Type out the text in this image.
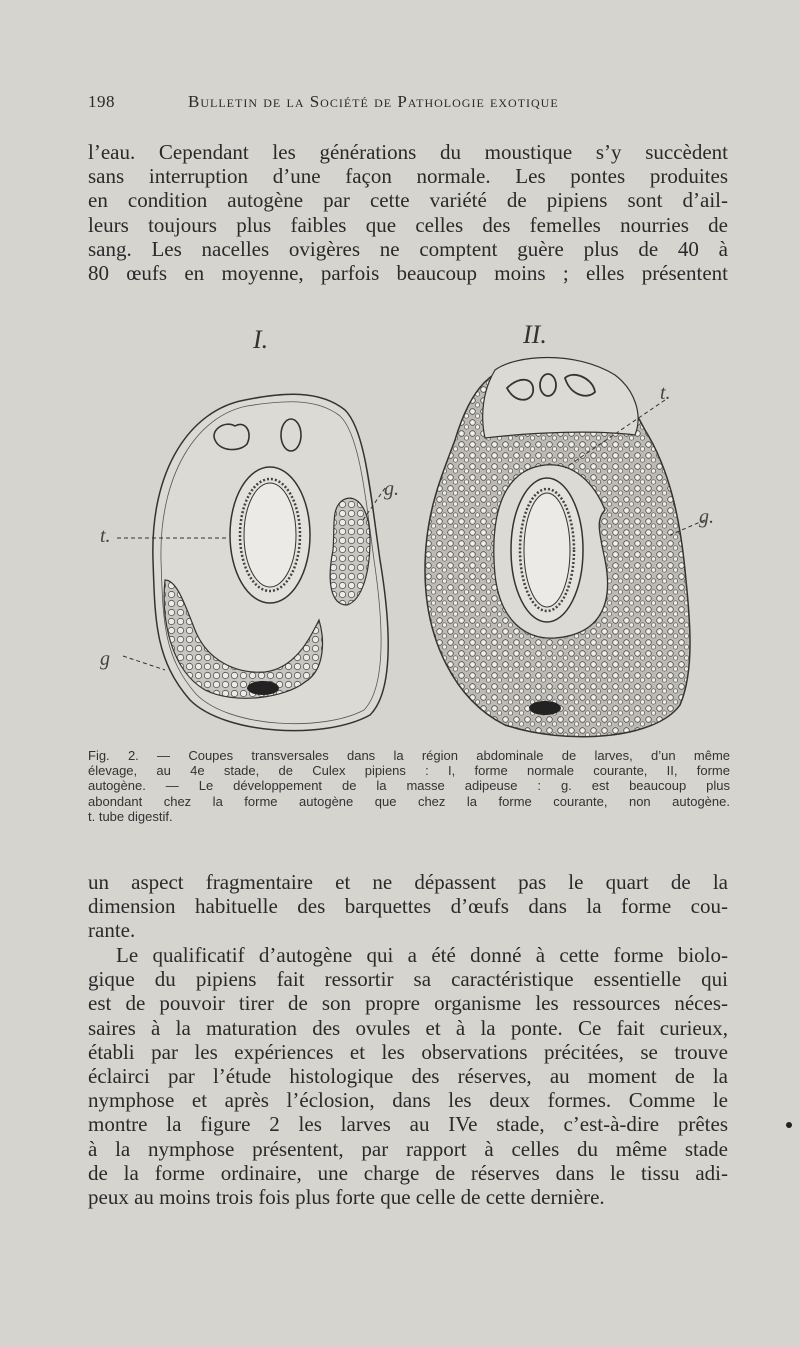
198	Bulletin de la Société de Pathologie exotique
l’eau. Cependant les générations du moustique s’y succèdent
sans interruption d’une façon normale. Les pontes produites
en condition autogène par cette variété de pipiens sont d’ail-
leurs toujours plus faibles que celles des femelles nourries de
sang. Les nacelles ovigères ne comptent guère plus de 40 à
80 œufs en moyenne, parfois beaucoup moins ; elles présentent
I.	II.
t.
t.
g.
g
g.
Fig. 2. — Coupes transversales dans la région abdominale de larves, d’un même
élevage, au 4e stade, de Culex pipiens : I, forme normale courante, II, forme
autogène. — Le développement de la masse adipeuse : g. est beaucoup plus
abondant chez la forme autogène que chez la forme courante, non autogène.
t. tube digestif.
un aspect fragmentaire et ne dépassent pas le quart de la
dimension habituelle des barquettes d’œufs dans la forme cou-
rante.
Le qualificatif d’autogène qui a été donné à cette forme biolo-
gique du pipiens fait ressortir sa caractéristique essentielle qui
est de pouvoir tirer de son propre organisme les ressources néces-
saires à la maturation des ovules et à la ponte. Ce fait curieux,
établi par les expériences et les observations précitées, se trouve
éclairci par l’étude histologique des réserves, au moment de la
nymphose et après l’éclosion, dans les deux formes. Comme le
montre la figure 2 les larves au IVe stade, c’est-à-dire prêtes
à la nymphose présentent, par rapport à celles du même stade
de la forme ordinaire, une charge de réserves dans le tissu adi-
peux au moins trois fois plus forte que celle de cette dernière.
